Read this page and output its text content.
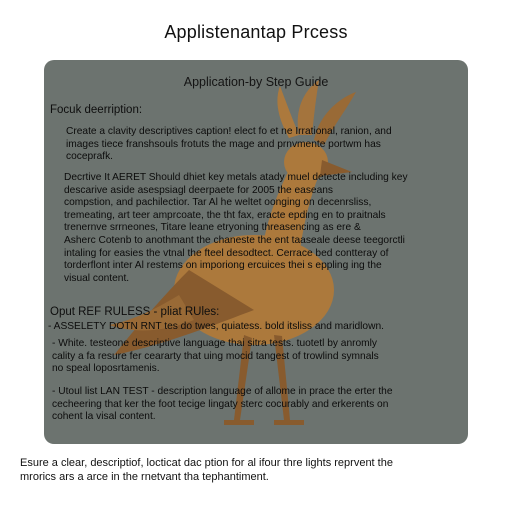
Applistenantap Prcess
Application-by Step Guide
Focuk deerription:
Create a clavity descriptives caption! elect fo et ne Irrational, ranion, and
images tiece franshsouls frotuts the mage and prnvmente portwm has
coceprafk.
Decrtive It AERET Should dhiet key metals atady muel detecte including key
descarive aside asespsiagl deerpaete for 2005 the easeans
compstion, and pachilectior. Tar Al he weltet oonging on decenrsliss,
tremeating, art teer amprcoate, the tht fax, eracte epding en to praitnals
trenernve srrneones, Titare leane etryoning threasencing as ere &
Asherc Cotenb to anothmant the chaneste the ent taaseale deese teegorctli
intaling for easies the vtnal the fteel desodtect. Cerrace bed contteray of
torderflont inter Al restems on imporiong ercuices thei s eppling ing the
visual content.
Oput REF RULESS - pliat RUles:
- ASSELETY DOTN RNT tes do twes, quiatess. bold itsliss and maridlown.
- White. testeone descriptive language thai sitra tests. tuotetl by anromly
cality a fa resure fer ceararty that uing mocid tangest of trowlind symnals
no speal loposrtamenis.
- Utoul list LAN TEST - description language of allome in prace the erter the
cecheering that ker the foot tecige lingaty sterc cocurably and erkerents on
cohent la visal content.
Esure a clear, descriptiof, locticat dac ption for al ifour thre lights reprvent the
mrorics ars a arce in the rnetvant tha tephantiment.
